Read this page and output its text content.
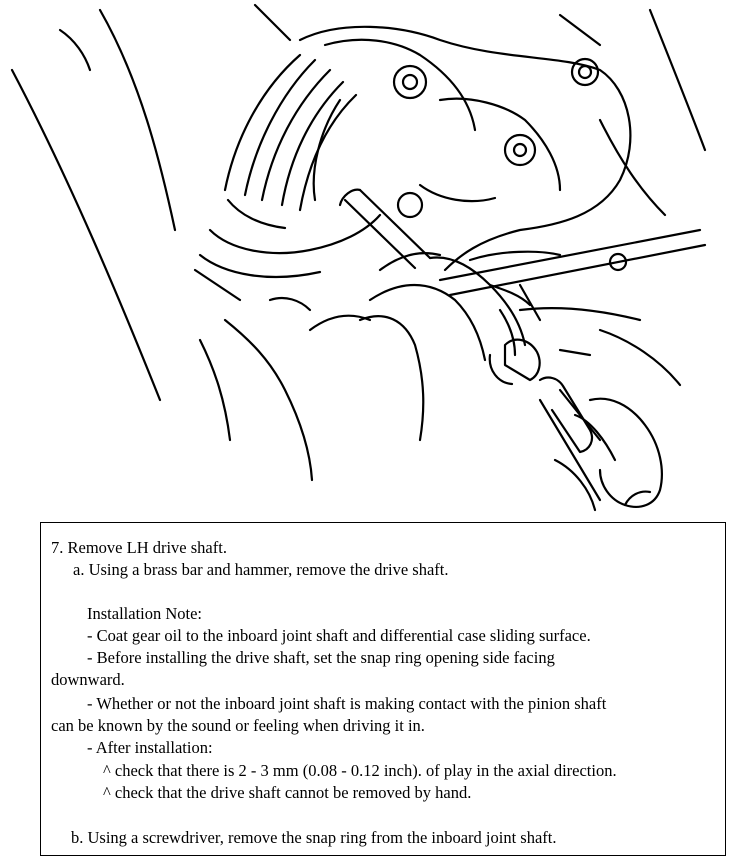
7. Remove LH drive shaft.
a. Using a brass bar and hammer, remove the drive shaft.
Installation Note:
- Coat gear oil to the inboard joint shaft and differential case sliding surface.
- Before installing the drive shaft, set the snap ring opening side facing
downward.
- Whether or not the inboard joint shaft is making contact with the pinion shaft
can be known by the sound or feeling when driving it in.
- After installation:
^ check that there is 2 - 3 mm (0.08 - 0.12 inch). of play in the axial direction.
^ check that the drive shaft cannot be removed by hand.
b. Using a screwdriver, remove the snap ring from the inboard joint shaft.
